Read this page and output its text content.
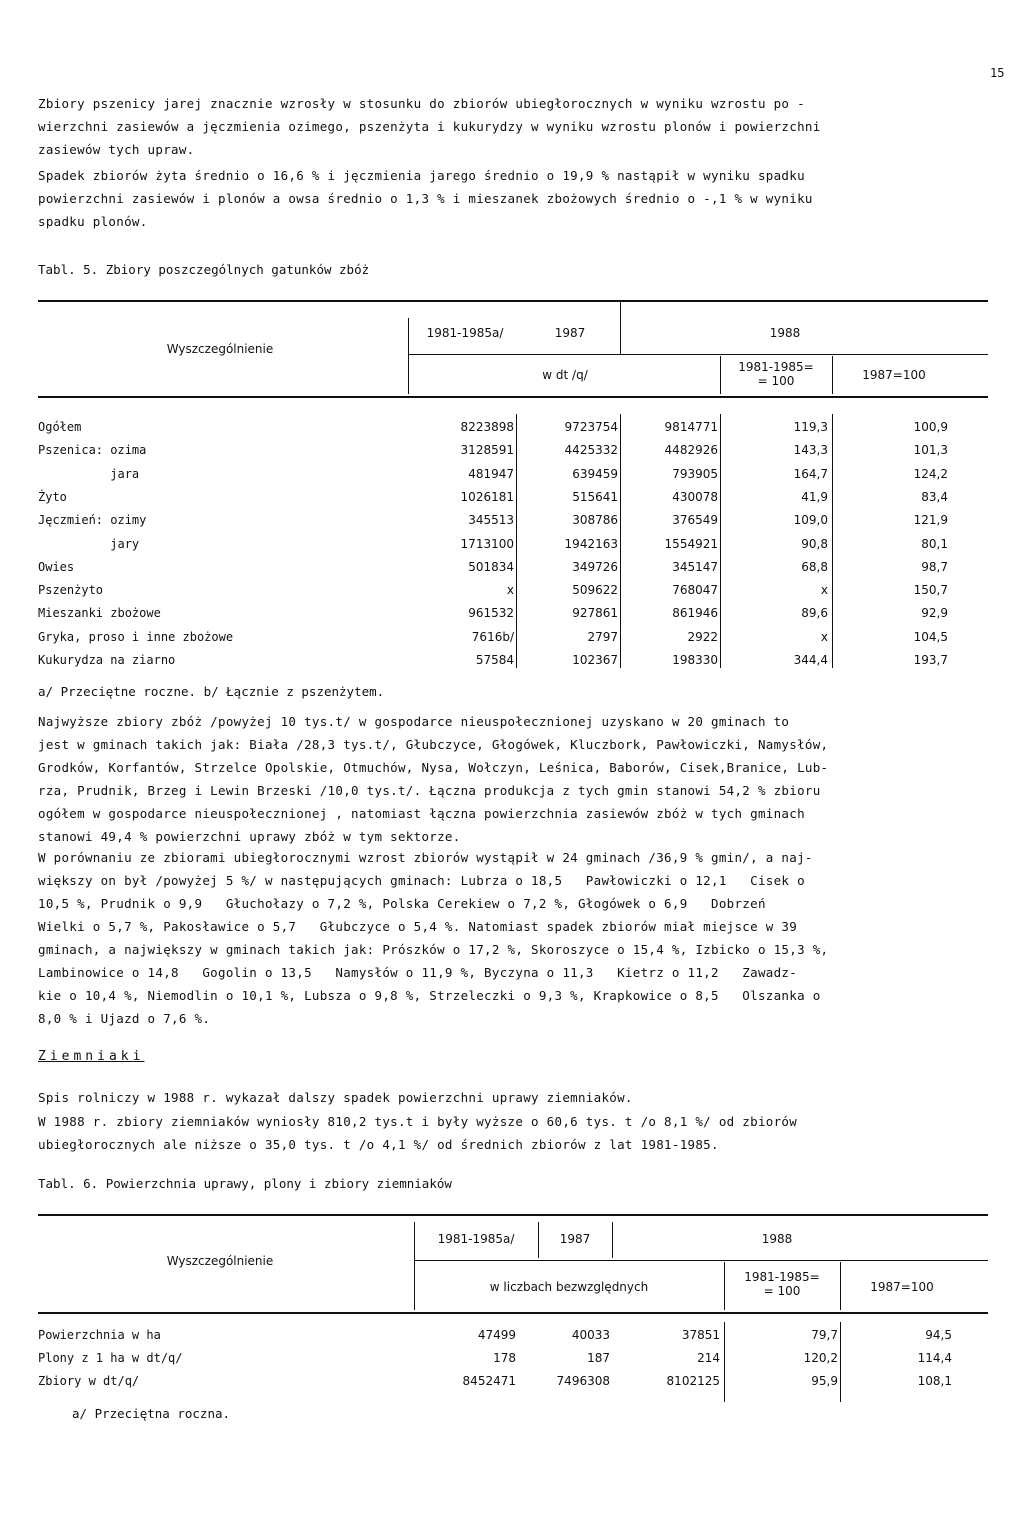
15
Zbiory pszenicy jarej znacznie wzrosły w stosunku do zbiorów ubiegłorocznych w wyniku wzrostu po -
wierzchni zasiewów a jęczmienia ozimego, pszenżyta i kukurydzy w wyniku wzrostu plonów i powierzchni
zasiewów tych upraw.
Spadek zbiorów żyta średnio o 16,6 % i jęczmienia jarego średnio o 19,9 % nastąpił w wyniku spadku
powierzchni zasiewów i plonów a owsa średnio o 1,3 % i mieszanek zbożowych średnio o -,1 % w wyniku
spadku plonów.
Tabl. 5. Zbiory poszczególnych gatunków zbóż
Wyszczególnienie
1981-1985a/	1987	1988
w dt /q/
1981-1985=
= 100	1987=100
Ogółem	8223898	9723754	9814771	119,3	100,9
Pszenica: ozima	3128591	4425332	4482926	143,3	101,3
jara	481947	639459	793905	164,7	124,2
Żyto	1026181	515641	430078	41,9	83,4
Jęczmień: ozimy	345513	308786	376549	109,0	121,9
jary	1713100	1942163	1554921	90,8	80,1
Owies	501834	349726	345147	68,8	98,7
Pszenżyto	x	509622	768047	x	150,7
Mieszanki zbożowe	961532	927861	861946	89,6	92,9
Gryka, proso i inne zbożowe	7616b/	2797	2922	x	104,5
Kukurydza na ziarno	57584	102367	198330	344,4	193,7
a/ Przeciętne roczne. b/ Łącznie z pszenżytem.
Najwyższe zbiory zbóż /powyżej 10 tys.t/ w gospodarce nieuspołecznionej uzyskano w 20 gminach to
jest w gminach takich jak: Biała /28,3 tys.t/, Głubczyce, Głogówek, Kluczbork, Pawłowiczki, Namysłów,
Grodków, Korfantów, Strzelce Opolskie, Otmuchów, Nysa, Wołczyn, Leśnica, Baborów, Cisek,Branice, Lub-
rza, Prudnik, Brzeg i Lewin Brzeski /10,0 tys.t/. Łączna produkcja z tych gmin stanowi 54,2 % zbioru
ogółem w gospodarce nieuspołecznionej , natomiast łączna powierzchnia zasiewów zbóż w tych gminach
stanowi 49,4 % powierzchni uprawy zbóż w tym sektorze.
W porównaniu ze zbiorami ubiegłorocznymi wzrost zbiorów wystąpił w 24 gminach /36,9 % gmin/, a naj-
większy on był /powyżej 5 %/ w następujących gminach: Lubrza o 18,5   Pawłowiczki o 12,1   Cisek o
10,5 %, Prudnik o 9,9   Głuchołazy o 7,2 %, Polska Cerekiew o 7,2 %, Głogówek o 6,9   Dobrzeń
Wielki o 5,7 %, Pakosławice o 5,7   Głubczyce o 5,4 %. Natomiast spadek zbiorów miał miejsce w 39
gminach, a największy w gminach takich jak: Prószków o 17,2 %, Skoroszyce o 15,4 %, Izbicko o 15,3 %,
Lambinowice o 14,8   Gogolin o 13,5   Namysłów o 11,9 %, Byczyna o 11,3   Kietrz o 11,2   Zawadz-
kie o 10,4 %, Niemodlin o 10,1 %, Lubsza o 9,8 %, Strzeleczki o 9,3 %, Krapkowice o 8,5   Olszanka o
8,0 % i Ujazd o 7,6 %.
Ziemniaki
Spis rolniczy w 1988 r. wykazał dalszy spadek powierzchni uprawy ziemniaków.
W 1988 r. zbiory ziemniaków wyniosły 810,2 tys.t i były wyższe o 60,6 tys. t /o 8,1 %/ od zbiorów
ubiegłorocznych ale niższe o 35,0 tys. t /o 4,1 %/ od średnich zbiorów z lat 1981-1985.
Tabl. 6. Powierzchnia uprawy, plony i zbiory ziemniaków
Wyszczególnienie
1981-1985a/	1987	1988
w liczbach bezwzględnych
1981-1985=
= 100	1987=100
Powierzchnia w ha	47499	40033	37851	79,7	94,5
Plony z 1 ha w dt/q/	178	187	214	120,2	114,4
Zbiory w dt/q/	8452471	7496308	8102125	95,9	108,1
a/ Przeciętna roczna.
